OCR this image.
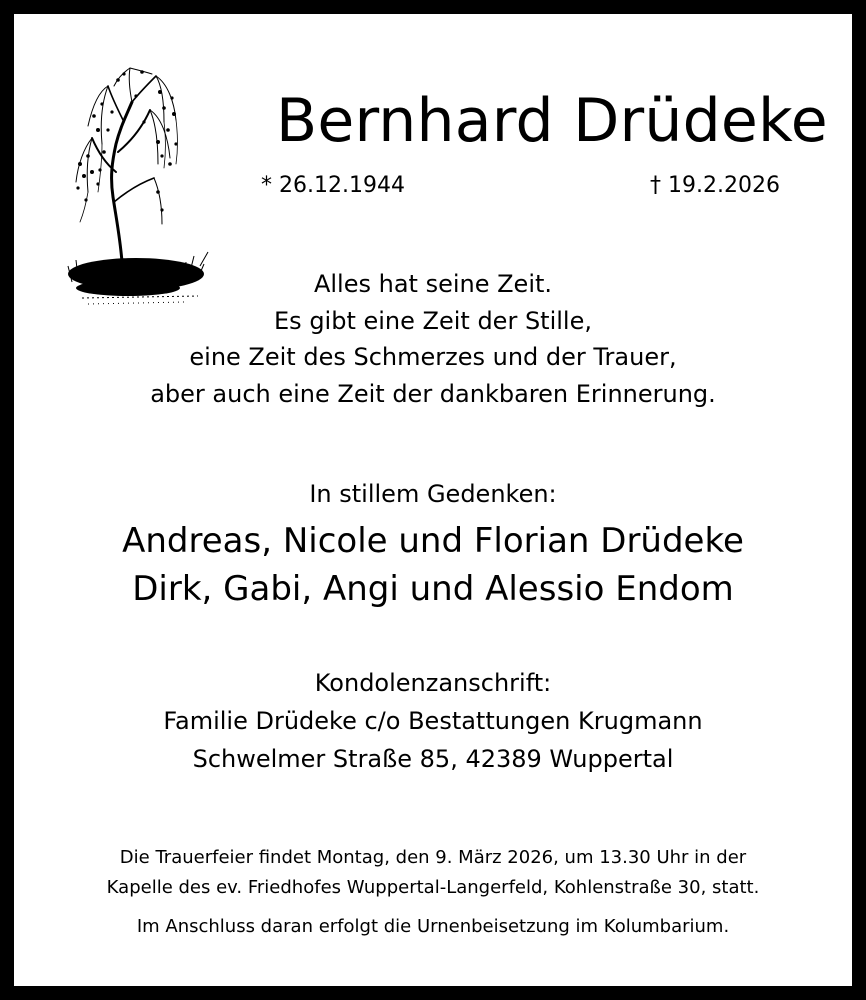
Bernhard Drüdeke
* 26.12.1944	† 19.2.2026
Alles hat seine Zeit.
Es gibt eine Zeit der Stille,
eine Zeit des Schmerzes und der Trauer,
aber auch eine Zeit der dankbaren Erinnerung.
In stillem Gedenken:
Andreas, Nicole und Florian Drüdeke
Dirk, Gabi, Angi und Alessio Endom
Kondolenzanschrift:
Familie Drüdeke c/o Bestattungen Krugmann
Schwelmer Straße 85, 42389 Wuppertal
Die Trauerfeier findet Montag, den 9. März 2026, um 13.30 Uhr in der
Kapelle des ev. Friedhofes Wuppertal-Langerfeld, Kohlenstraße 30, statt.
Im Anschluss daran erfolgt die Urnenbeisetzung im Kolumbarium.
